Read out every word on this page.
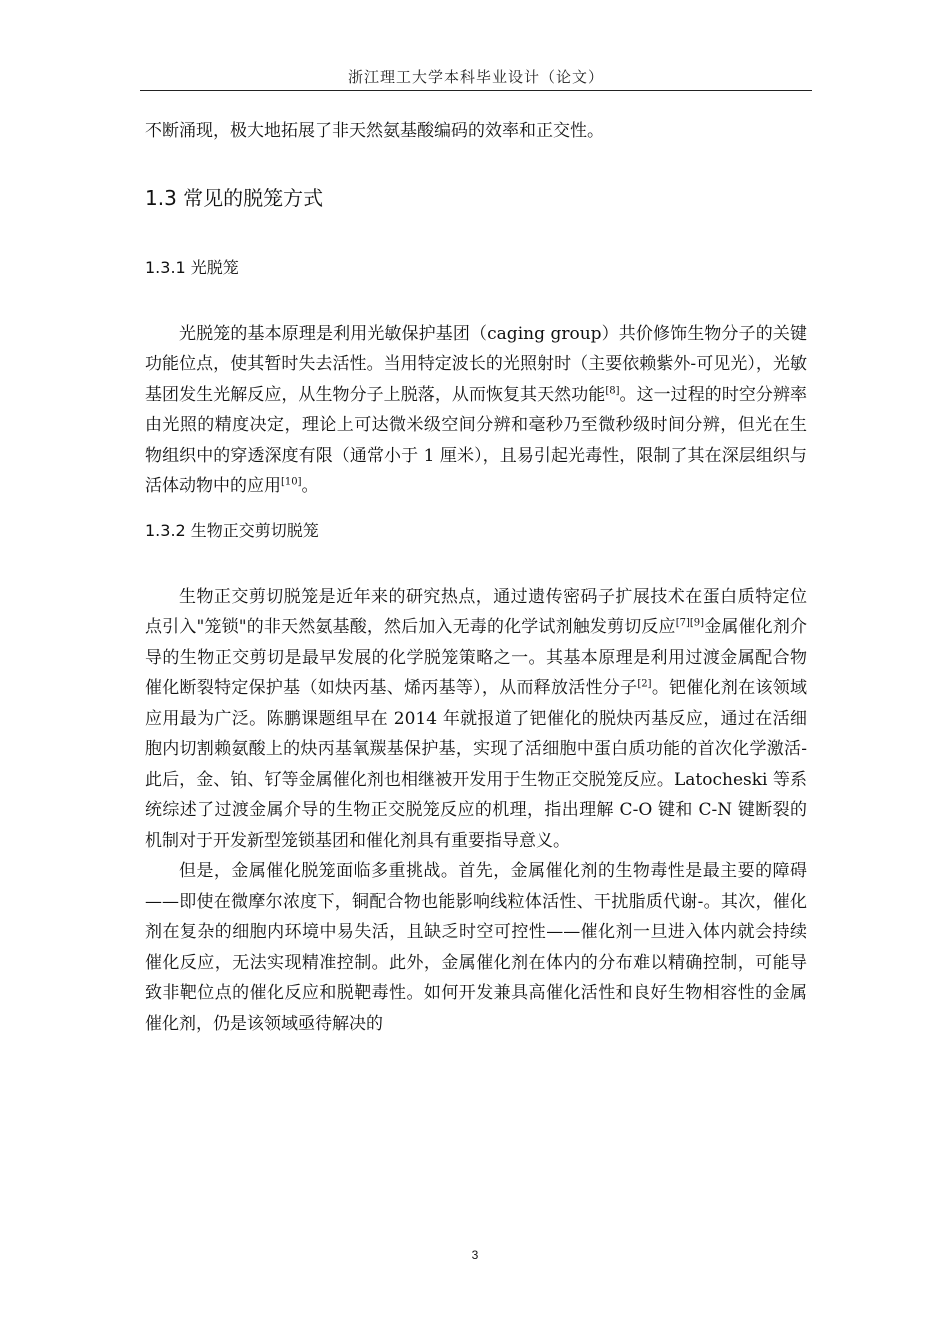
浙江理工大学本科毕业设计（论文）

不断涌现，极大地拓展了非天然氨基酸编码的效率和正交性。

1.3 常见的脱笼方式
1.3.1 光脱笼

光脱笼的基本原理是利用光敏保护基团（caging group）共价修饰生物分子的关键功能位点，使其暂时失去活性。当用特定波长的光照射时（主要依赖紫外-可见光），光敏基团发生光解反应，从生物分子上脱落，从而恢复其天然功能[8]。这一过程的时空分辨率由光照的精度决定，理论上可达微米级空间分辨和毫秒乃至微秒级时间分辨，但光在生物组织中的穿透深度有限（通常小于 1 厘米），且易引起光毒性，限制了其在深层组织与活体动物中的应用[10]。

1.3.2 生物正交剪切脱笼

生物正交剪切脱笼是近年来的研究热点，通过遗传密码子扩展技术在蛋白质特定位点引入"笼锁"的非天然氨基酸，然后加入无毒的化学试剂触发剪切反应[7][9]金属催化剂介导的生物正交剪切是最早发展的化学脱笼策略之一。其基本原理是利用过渡金属配合物催化断裂特定保护基（如炔丙基、烯丙基等），从而释放活性分子[2]。钯催化剂在该领域应用最为广泛。陈鹏课题组早在 2014 年就报道了钯催化的脱炔丙基反应，通过在活细胞内切割赖氨酸上的炔丙基氧羰基保护基，实现了活细胞中蛋白质功能的首次化学激活-此后，金、铂、钌等金属催化剂也相继被开发用于生物正交脱笼反应。Latocheski 等系统综述了过渡金属介导的生物正交脱笼反应的机理，指出理解 C-O 键和 C-N 键断裂的机制对于开发新型笼锁基团和催化剂具有重要指导意义。

但是，金属催化脱笼面临多重挑战。首先，金属催化剂的生物毒性是最主要的障碍——即使在微摩尔浓度下，铜配合物也能影响线粒体活性、干扰脂质代谢-。其次，催化剂在复杂的细胞内环境中易失活，且缺乏时空可控性——催化剂一旦进入体内就会持续催化反应，无法实现精准控制。此外，金属催化剂在体内的分布难以精确控制，可能导致非靶位点的催化反应和脱靶毒性。如何开发兼具高催化活性和良好生物相容性的金属催化剂，仍是该领域亟待解决的

3
